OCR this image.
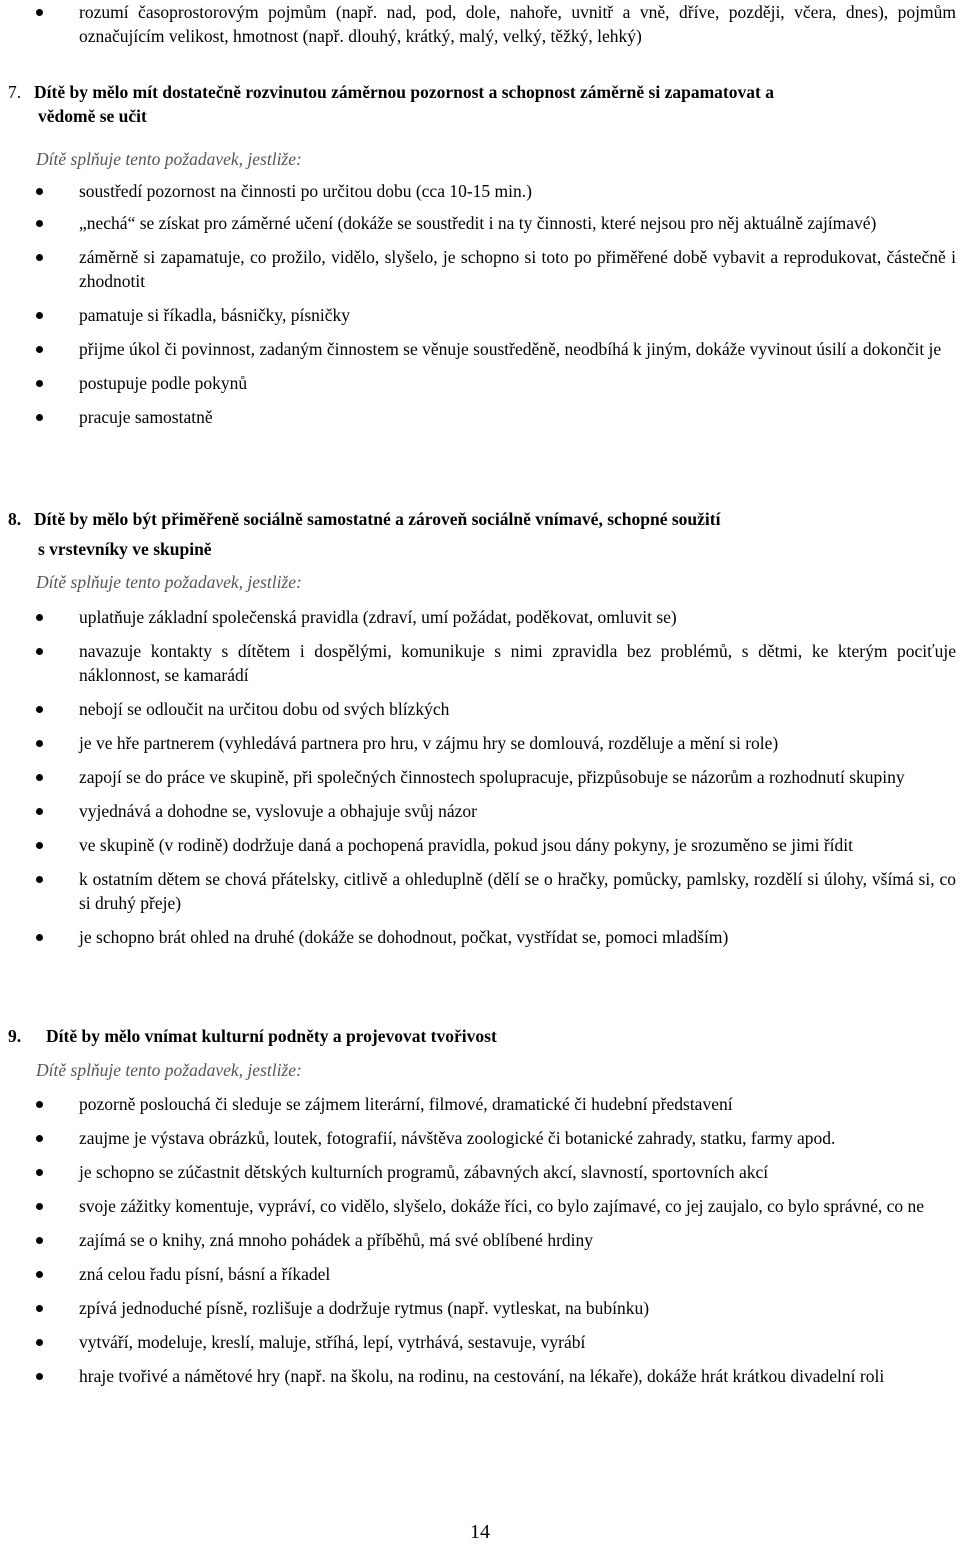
rozumí časoprostorovým pojmům (např. nad, pod, dole, nahoře, uvnitř a vně, dříve, později, včera, dnes), pojmům označujícím velikost, hmotnost (např. dlouhý, krátký, malý, velký, těžký, lehký)
7. Dítě by mělo mít dostatečně rozvinutou záměrnou pozornost a schopnost záměrně si zapamatovat a
vědomě se učit
Dítě splňuje tento požadavek, jestliže:
soustředí pozornost na činnosti po určitou dobu (cca 10-15 min.)
„nechá“ se získat pro záměrné učení (dokáže se soustředit i na ty činnosti, které nejsou pro něj aktuálně zajímavé)
záměrně si zapamatuje, co prožilo, vidělo, slyšelo, je schopno si toto po přiměřené době vybavit a reprodukovat, částečně i zhodnotit
pamatuje si říkadla, básničky, písničky
přijme úkol či povinnost, zadaným činnostem se věnuje soustředěně, neodbíhá k jiným, dokáže vyvinout úsilí a dokončit je
postupuje podle pokynů
pracuje samostatně
8. Dítě by mělo být přiměřeně sociálně samostatné a zároveň sociálně vnímavé, schopné soužití
s vrstevníky ve skupině
Dítě splňuje tento požadavek, jestliže:
uplatňuje základní společenská pravidla (zdraví, umí požádat, poděkovat, omluvit se)
navazuje kontakty s dítětem i dospělými, komunikuje s nimi zpravidla bez problémů, s dětmi, ke kterým pociťuje náklonnost, se kamarádí
nebojí se odloučit na určitou dobu od svých blízkých
je ve hře partnerem (vyhledává partnera pro hru, v zájmu hry se domlouvá, rozděluje a mění si role)
zapojí se do práce ve skupině, při společných činnostech spolupracuje, přizpůsobuje se názorům a rozhodnutí skupiny
vyjednává a dohodne se, vyslovuje a obhajuje svůj názor
ve skupině (v rodině) dodržuje daná a pochopená pravidla, pokud jsou dány pokyny, je srozuměno se jimi řídit
k ostatním dětem se chová přátelsky, citlivě a ohleduplně (dělí se o hračky, pomůcky, pamlsky, rozdělí si úlohy, všímá si, co si druhý přeje)
je schopno brát ohled na druhé (dokáže se dohodnout, počkat, vystřídat se, pomoci mladším)
9. Dítě by mělo vnímat kulturní podněty a projevovat tvořivost
Dítě splňuje tento požadavek, jestliže:
pozorně poslouchá či sleduje se zájmem literární, filmové, dramatické či hudební představení
zaujme je výstava obrázků, loutek, fotografií, návštěva zoologické či botanické zahrady, statku, farmy apod.
je schopno se zúčastnit dětských kulturních programů, zábavných akcí, slavností, sportovních akcí
svoje zážitky komentuje, vypráví, co vidělo, slyšelo, dokáže říci, co bylo zajímavé, co jej zaujalo, co bylo správné, co ne
zajímá se o knihy, zná mnoho pohádek a příběhů, má své oblíbené hrdiny
zná celou řadu písní, básní a říkadel
zpívá jednoduché písně, rozlišuje a dodržuje rytmus (např. vytleskat, na bubínku)
vytváří, modeluje, kreslí, maluje, stříhá, lepí, vytrhává, sestavuje, vyrábí
hraje tvořivé a námětové hry (např. na školu, na rodinu, na cestování, na lékaře), dokáže hrát krátkou divadelní roli
14
